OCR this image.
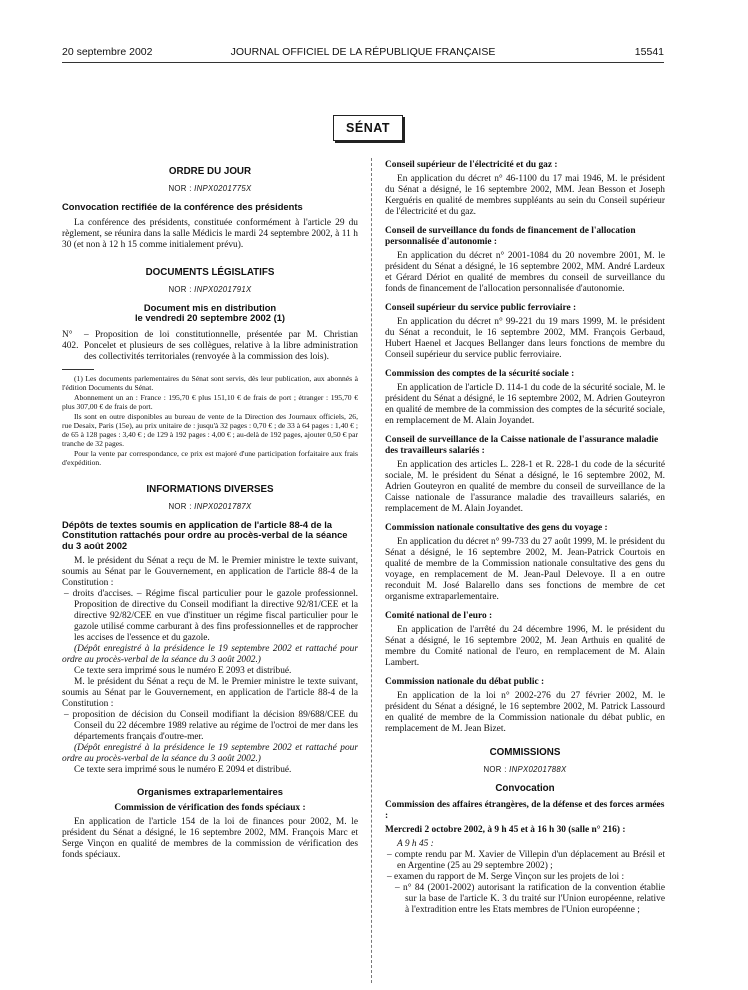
20 septembre 2002	JOURNAL OFFICIEL DE LA RÉPUBLIQUE FRANÇAISE	15541
SÉNAT
ORDRE DU JOUR
NOR : INPX0201775X
Convocation rectifiée de la conférence des présidents

La conférence des présidents, constituée conformément à l'article 29 du règlement, se réunira dans la salle Médicis le mardi 24 septembre 2002, à 11 h 30 (et non à 12 h 15 comme initialement prévu).

DOCUMENTS LÉGISLATIFS
NOR : INPX0201791X
Document mis en distribution
le vendredi 20 septembre 2002 (1)
N° 402.
– Proposition de loi constitutionnelle, présentée par M. Christian Poncelet et plusieurs de ses collègues, relative à la libre administration des collectivités territoriales (renvoyée à la commission des lois).

(1) Les documents parlementaires du Sénat sont servis, dès leur publication, aux abonnés à l'édition Documents du Sénat.

Abonnement un an : France : 195,70 € plus 151,10 € de frais de port ; étranger : 195,70 € plus 307,00 € de frais de port.

Ils sont en outre disponibles au bureau de vente de la Direction des Journaux officiels, 26, rue Desaix, Paris (15e), au prix unitaire de : jusqu'à 32 pages : 0,70 € ; de 33 à 64 pages : 1,40 € ; de 65 à 128 pages : 3,40 € ; de 129 à 192 pages : 4,00 € ; au-delà de 192 pages, ajouter 0,50 € par tranche de 32 pages.

Pour la vente par correspondance, ce prix est majoré d'une participation forfaitaire aux frais d'expédition.

INFORMATIONS DIVERSES
NOR : INPX0201787X
Dépôts de textes soumis en application de l'article 88-4 de la Constitution rattachés pour ordre au procès-verbal de la séance du 3 août 2002

M. le président du Sénat a reçu de M. le Premier ministre le texte suivant, soumis au Sénat par le Gouvernement, en application de l'article 88-4 de la Constitution :

– droits d'accises. – Régime fiscal particulier pour le gazole professionnel. Proposition de directive du Conseil modifiant la directive 92/81/CEE et la directive 92/82/CEE en vue d'instituer un régime fiscal particulier pour le gazole utilisé comme carburant à des fins professionnelles et de rapprocher les accises de l'essence et du gazole.

(Dépôt enregistré à la présidence le 19 septembre 2002 et rattaché pour ordre au procès-verbal de la séance du 3 août 2002.)

Ce texte sera imprimé sous le numéro E 2093 et distribué.

M. le président du Sénat a reçu de M. le Premier ministre le texte suivant, soumis au Sénat par le Gouvernement, en application de l'article 88-4 de la Constitution :

– proposition de décision du Conseil modifiant la décision 89/688/CEE du Conseil du 22 décembre 1989 relative au régime de l'octroi de mer dans les départements français d'outre-mer.

(Dépôt enregistré à la présidence le 19 septembre 2002 et rattaché pour ordre au procès-verbal de la séance du 3 août 2002.)

Ce texte sera imprimé sous le numéro E 2094 et distribué.

Organismes extraparlementaires
Commission de vérification des fonds spéciaux :

En application de l'article 154 de la loi de finances pour 2002, M. le président du Sénat a désigné, le 16 septembre 2002, MM. François Marc et Serge Vinçon en qualité de membres de la commission de vérification des fonds spéciaux.

Conseil supérieur de l'électricité et du gaz :

En application du décret n° 46-1100 du 17 mai 1946, M. le président du Sénat a désigné, le 16 septembre 2002, MM. Jean Besson et Joseph Kerguéris en qualité de membres suppléants au sein du Conseil supérieur de l'électricité et du gaz.

Conseil de surveillance du fonds de financement de l'allocation personnalisée d'autonomie :

En application du décret n° 2001-1084 du 20 novembre 2001, M. le président du Sénat a désigné, le 16 septembre 2002, MM. André Lardeux et Gérard Dériot en qualité de membres du conseil de surveillance du fonds de financement de l'allocation personnalisée d'autonomie.

Conseil supérieur du service public ferroviaire :

En application du décret n° 99-221 du 19 mars 1999, M. le président du Sénat a reconduit, le 16 septembre 2002, MM. François Gerbaud, Hubert Haenel et Jacques Bellanger dans leurs fonctions de membre du Conseil supérieur du service public ferroviaire.

Commission des comptes de la sécurité sociale :

En application de l'article D. 114-1 du code de la sécurité sociale, M. le président du Sénat a désigné, le 16 septembre 2002, M. Adrien Gouteyron en qualité de membre de la commission des comptes de la sécurité sociale, en remplacement de M. Alain Joyandet.

Conseil de surveillance de la Caisse nationale de l'assurance maladie des travailleurs salariés :

En application des articles L. 228-1 et R. 228-1 du code de la sécurité sociale, M. le président du Sénat a désigné, le 16 septembre 2002, M. Adrien Gouteyron en qualité de membre du conseil de surveillance de la Caisse nationale de l'assurance maladie des travailleurs salariés, en remplacement de M. Alain Joyandet.

Commission nationale consultative des gens du voyage :

En application du décret n° 99-733 du 27 août 1999, M. le président du Sénat a désigné, le 16 septembre 2002, M. Jean-Patrick Courtois en qualité de membre de la Commission nationale consultative des gens du voyage, en remplacement de M. Jean-Paul Delevoye. Il a en outre reconduit M. José Balarello dans ses fonctions de membre de cet organisme extraparlementaire.

Comité national de l'euro :

En application de l'arrêté du 24 décembre 1996, M. le président du Sénat a désigné, le 16 septembre 2002, M. Jean Arthuis en qualité de membre du Comité national de l'euro, en remplacement de M. Alain Lambert.

Commission nationale du débat public :

En application de la loi n° 2002-276 du 27 février 2002, M. le président du Sénat a désigné, le 16 septembre 2002, M. Patrick Lassourd en qualité de membre de la Commission nationale du débat public, en remplacement de M. Jean Bizet.

COMMISSIONS
NOR : INPX0201788X
Convocation
Commission des affaires étrangères, de la défense et des forces armées :

Mercredi 2 octobre 2002, à 9 h 45 et à 16 h 30 (salle n° 216) :

A 9 h 45 :

– compte rendu par M. Xavier de Villepin d'un déplacement au Brésil et en Argentine (25 au 29 septembre 2002) ;
– examen du rapport de M. Serge Vinçon sur les projets de loi :
– n° 84 (2001-2002) autorisant la ratification de la convention établie sur la base de l'article K. 3 du traité sur l'Union européenne, relative à l'extradition entre les Etats membres de l'Union européenne ;
